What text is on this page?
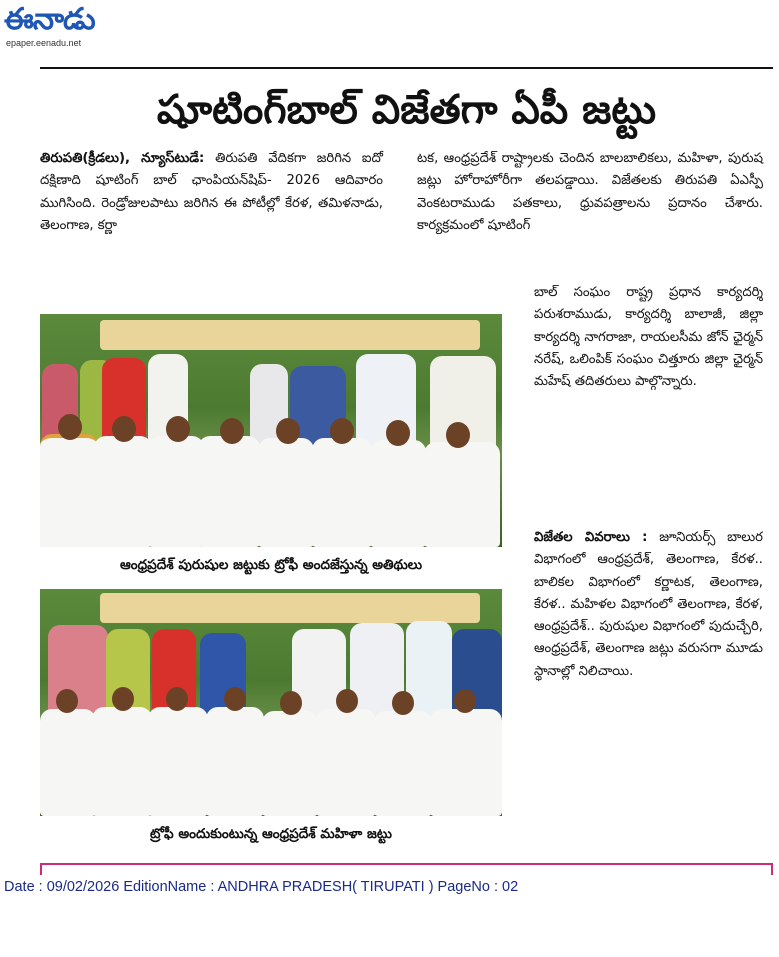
ఈనాడు
epaper.eenadu.net
షూటింగ్‌బాల్‌ విజేతగా ఏపీ జట్టు

తిరుపతి(క్రీడలు), న్యూస్‌టుడే: తిరుపతి వేదికగా జరిగిన ఐదో దక్షిణాది షూటింగ్‌ బాల్‌ ఛాంపియన్‌షిప్‌- 2026 ఆదివారం ముగిసింది. రెండ్రోజులపాటు జరిగిన ఈ పోటీల్లో కేరళ, తమిళనాడు, తెలంగాణ, కర్ణా

టక, ఆంధ్రప్రదేశ్‌ రాష్ట్రాలకు చెందిన బాలబాలికలు, మహిళా, పురుష జట్లు హోరాహోరీగా తలపడ్డాయి. విజేతలకు తిరుపతి ఏఎస్పీ వెంకటరాముడు పతకాలు, ధ్రువపత్రాలను ప్రదానం చేశారు. కార్యక్రమంలో షూటింగ్‌

బాల్‌ సంఘం రాష్ట్ర ప్రధాన కార్యదర్శి పరుశరాముడు, కార్యదర్శి బాలాజీ, జిల్లా కార్యదర్శి నాగరాజా, రాయలసీమ జోన్‌ ఛైర్మన్‌ నరేష్‌, ఒలింపిక్‌ సంఘం చిత్తూరు జిల్లా ఛైర్మన్‌ మహేష్‌ తదితరులు పాల్గొన్నారు.

విజేతల వివరాలు : జూనియర్స్‌ బాలుర విభాగంలో ఆంధ్రప్రదేశ్‌, తెలంగాణ, కేరళ.. బాలికల విభాగంలో కర్ణాటక, తెలంగాణ, కేరళ.. మహిళల విభాగంలో తెలంగాణ, కేరళ, ఆంధ్రప్రదేశ్‌.. పురుషుల విభాగంలో పుదుచ్చేరి, ఆంధ్రప్రదేశ్‌, తెలంగాణ జట్లు వరుసగా మూడు స్థానాల్లో నిలిచాయి.

ఆంధ్రప్రదేశ్‌ పురుషుల జట్టుకు ట్రోఫీ అందజేస్తున్న అతిథులు
ట్రోఫీ అందుకుంటున్న ఆంధ్రప్రదేశ్‌ మహిళా జట్టు
Date : 09/02/2026 EditionName : ANDHRA PRADESH( TIRUPATI ) PageNo : 02
